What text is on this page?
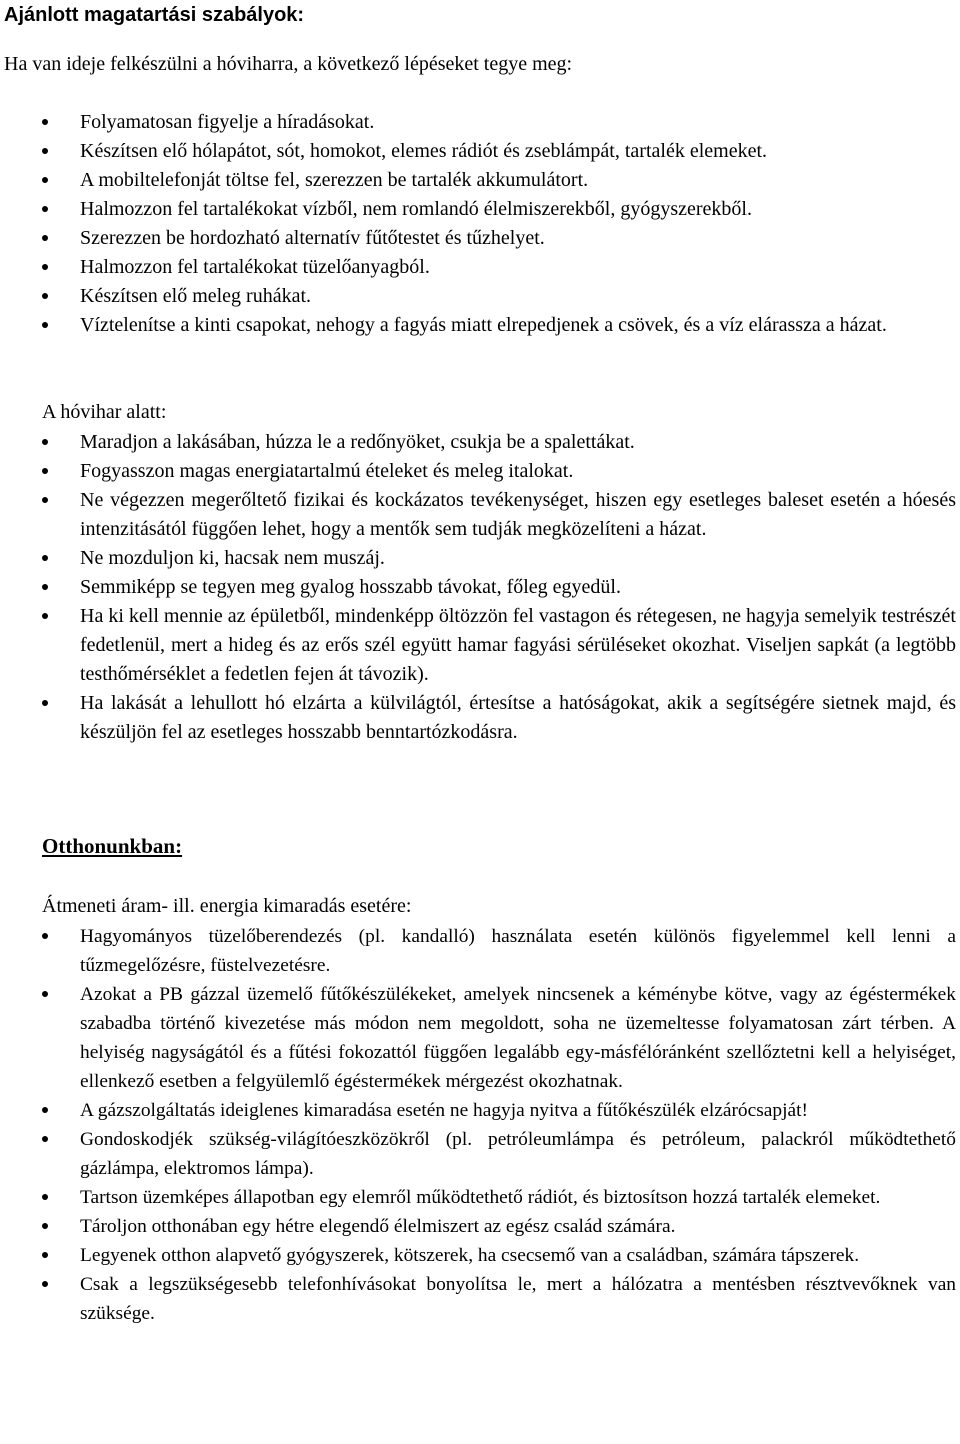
Ajánlott magatartási szabályok:

Ha van ideje felkészülni a hóviharra, a következő lépéseket tegye meg:

Folyamatosan figyelje a híradásokat.
Készítsen elő hólapátot, sót, homokot, elemes rádiót és zseblámpát, tartalék elemeket.
A mobiltelefonját töltse fel, szerezzen be tartalék akkumulátort.
Halmozzon fel tartalékokat vízből, nem romlandó élelmiszerekből, gyógyszerekből.
Szerezzen be hordozható alternatív fűtőtestet és tűzhelyet.
Halmozzon fel tartalékokat tüzelőanyagból.
Készítsen elő meleg ruhákat.
Víztelenítse a kinti csapokat, nehogy a fagyás miatt elrepedjenek a csövek, és a víz elárassza a házat.

A hóvihar alatt:

Maradjon a lakásában, húzza le a redőnyöket, csukja be a spalettákat.
Fogyasszon magas energiatartalmú ételeket és meleg italokat.
Ne végezzen megerőltető fizikai és kockázatos tevékenységet, hiszen egy esetleges baleset esetén a hóesés intenzitásától függően lehet, hogy a mentők sem tudják megközelíteni a házat.
Ne mozduljon ki, hacsak nem muszáj.
Semmiképp se tegyen meg gyalog hosszabb távokat, főleg egyedül.
Ha ki kell mennie az épületből, mindenképp öltözzön fel vastagon és rétegesen, ne hagyja semelyik testrészét fedetlenül, mert a hideg és az erős szél együtt hamar fagyási sérüléseket okozhat. Viseljen sapkát (a legtöbb testhőmérséklet a fedetlen fejen át távozik).
Ha lakását a lehullott hó elzárta a külvilágtól, értesítse a hatóságokat, akik a segítségére sietnek majd, és készüljön fel az esetleges hosszabb benntartózkodásra.
Otthonunkban:

Átmeneti áram- ill. energia kimaradás esetére:

Hagyományos tüzelőberendezés (pl. kandalló) használata esetén különös figyelemmel kell lenni a tűzmegelőzésre, füstelvezetésre.
Azokat a PB gázzal üzemelő fűtőkészülékeket, amelyek nincsenek a kéménybe kötve, vagy az égéstermékek szabadba történő kivezetése más módon nem megoldott, soha ne üzemeltesse folyamatosan zárt térben. A helyiség nagyságától és a fűtési fokozattól függően legalább egy-másfélóránként szellőztetni kell a helyiséget, ellenkező esetben a felgyülemlő égéstermékek mérgezést okozhatnak.
A gázszolgáltatás ideiglenes kimaradása esetén ne hagyja nyitva a fűtőkészülék elzárócsapját!
Gondoskodjék szükség-világítóeszközökről (pl. petróleumlámpa és petróleum, palackról működtethető gázlámpa, elektromos lámpa).
Tartson üzemképes állapotban egy elemről működtethető rádiót, és biztosítson hozzá tartalék elemeket.
Tároljon otthonában egy hétre elegendő élelmiszert az egész család számára.
Legyenek otthon alapvető gyógyszerek, kötszerek, ha csecsemő van a családban, számára tápszerek.
Csak a legszükségesebb telefonhívásokat bonyolítsa le, mert a hálózatra a mentésben résztvevőknek van szüksége.
